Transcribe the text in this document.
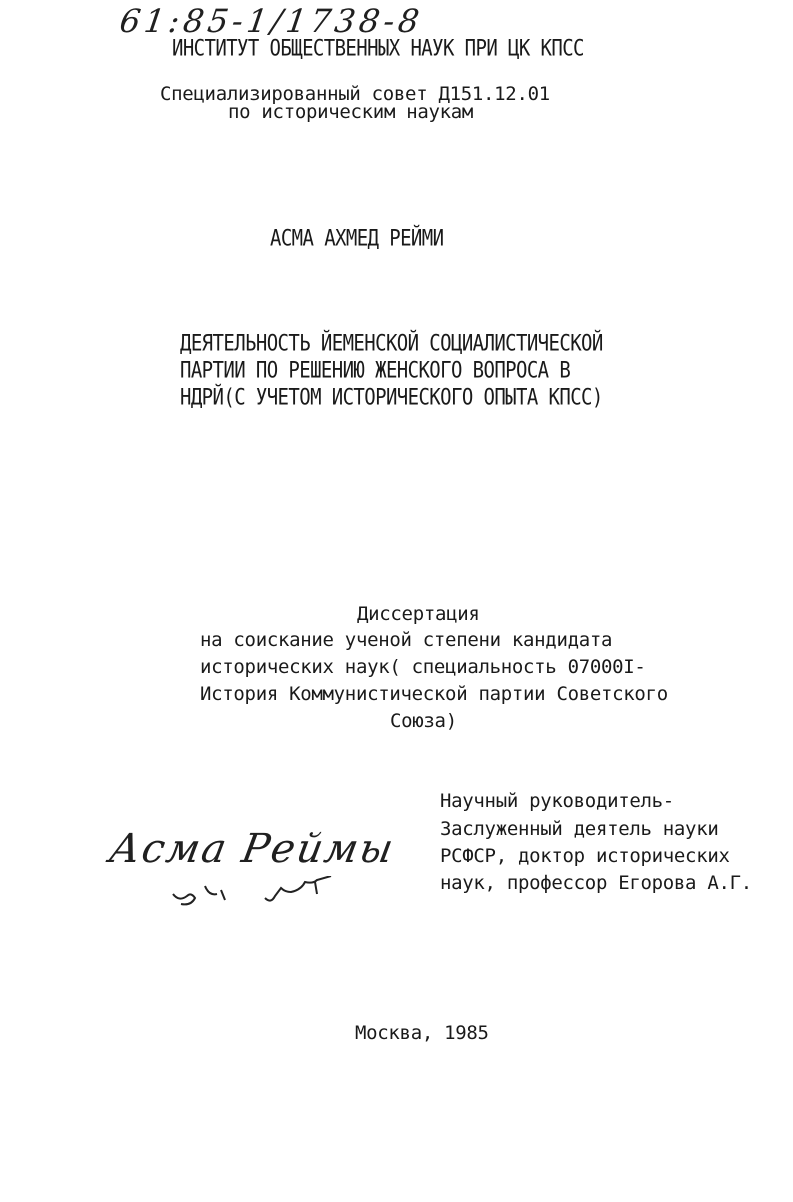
61:85-1/1738-8
ИНСТИТУТ ОБЩЕСТВЕННЫХ НАУК ПРИ ЦК КПСС
Специализированный совет Д151.12.01
по историческим наукам
АСМА АХМЕД РЕЙМИ
ДЕЯТЕЛЬНОСТЬ ЙЕМЕНСКОЙ СОЦИАЛИСТИЧЕСКОЙ
ПАРТИИ ПО РЕШЕНИЮ ЖЕНСКОГО ВОПРОСА В
НДРЙ(С УЧЕТОМ ИСТОРИЧЕСКОГО ОПЫТА КПСС)
Диссертация
на соискание ученой степени кандидата
исторических наук( специальность 07000I-
История Коммунистической партии Советского
Союза)
Научный руководитель-
Заслуженный деятель науки
РСФСР, доктор исторических
наук, профессор Егорова А.Г.
Асма Реймы
Москва, 1985
